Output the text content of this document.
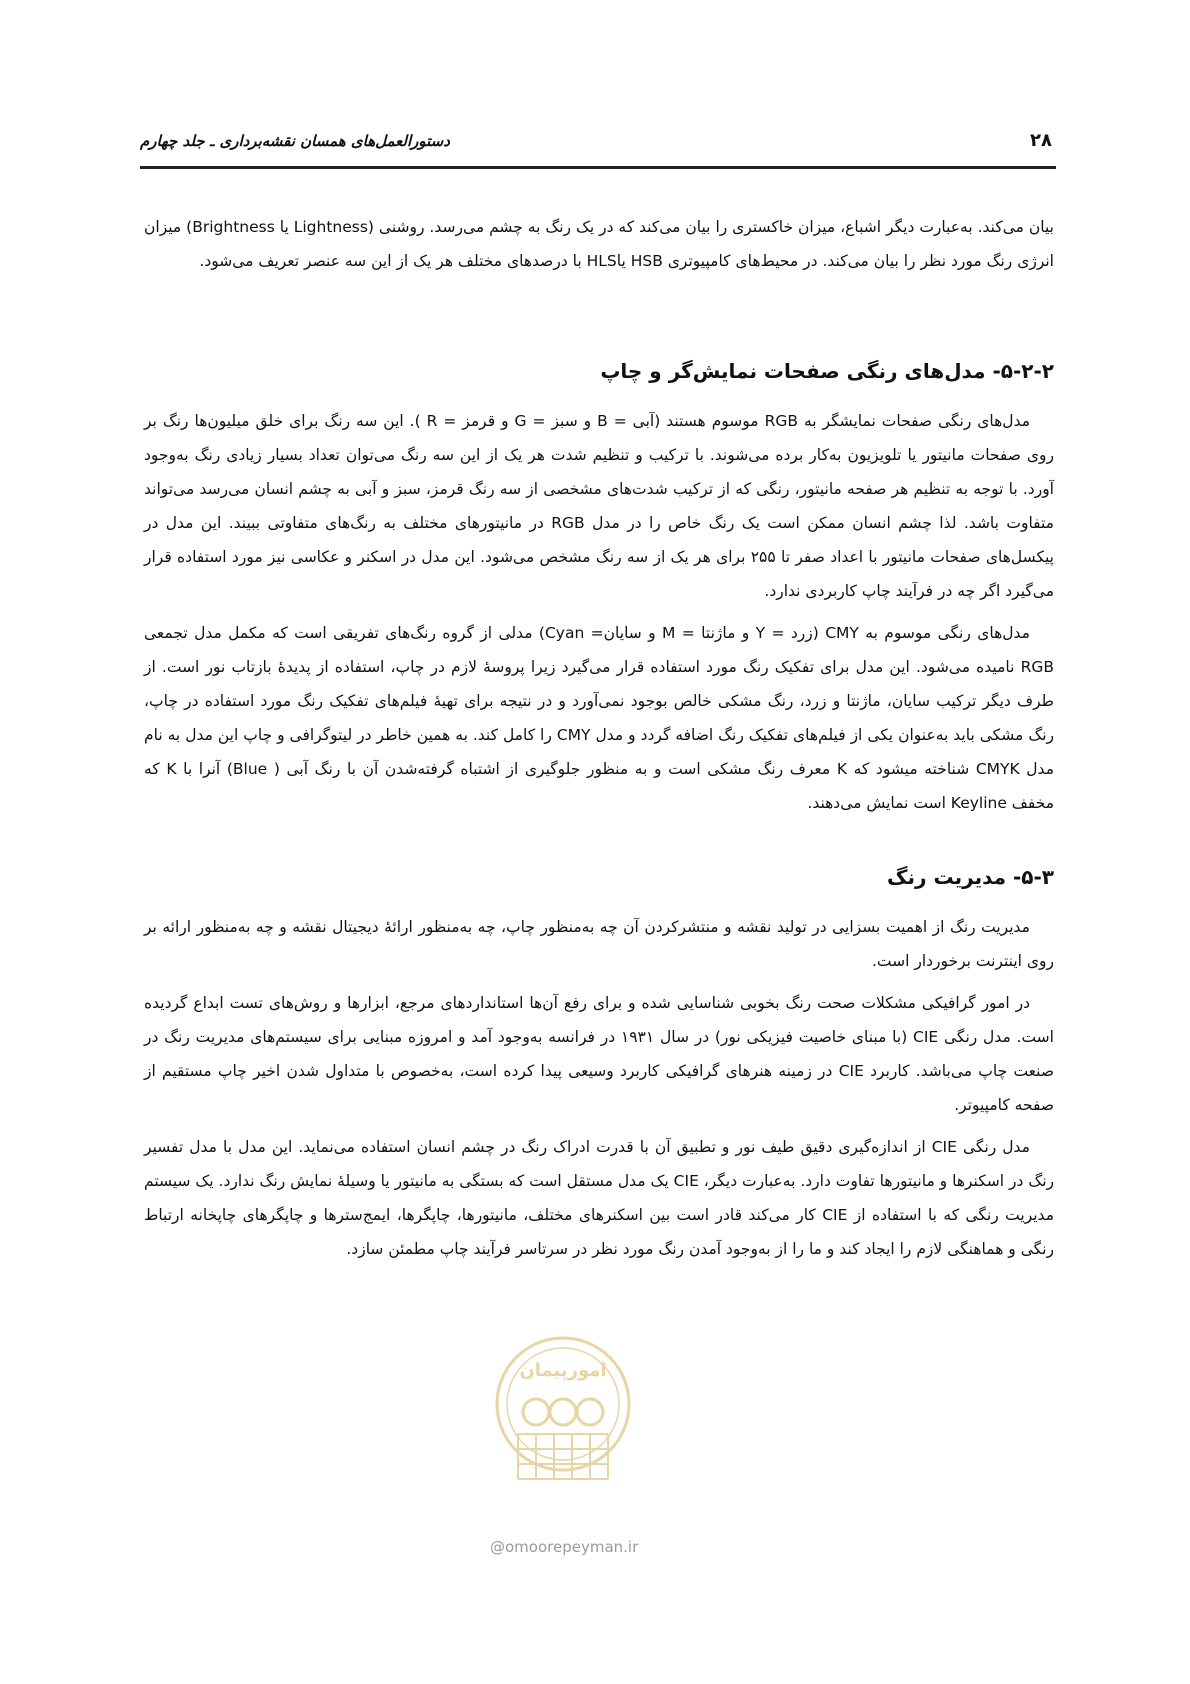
دستورالعمل‌های همسان نقشه‌برداری ـ جلد چهارم	۲۸

بیان می‌کند. به‌عبارت دیگر اشباع، میزان خاکستری را بیان می‌کند که در یک رنگ به چشم می‌رسد. روشنی (Lightness یا Brightness) میزان انرژی رنگ مورد نظر را بیان می‌کند. در محیط‌های کامپیوتری HSB یاHLS با درصدهای مختلف هر یک از این سه عنصر تعریف می‌شود.

۵-۲-۲- مدل‌های رنگی صفحات نمایش‌گر و چاپ

مدل‌های رنگی صفحات نمایشگر به RGB موسوم هستند (آبی = B و سبز = G و قرمز = R ). این سه رنگ برای خلق میلیون‌ها رنگ بر روی صفحات مانیتور یا تلویزیون به‌کار برده می‌شوند. با ترکیب و تنظیم شدت هر یک از این سه رنگ می‌توان تعداد بسیار زیادی رنگ به‌وجود آورد. با توجه به تنظیم هر صفحه مانیتور، رنگی که از ترکیب شدت‌های مشخصی از سه رنگ قرمز، سبز و آبی به چشم انسان می‌رسد می‌تواند متفاوت باشد. لذا چشم انسان ممکن است یک رنگ خاص را در مدل RGB در مانیتورهای مختلف به رنگ‌های متفاوتی ببیند. این مدل در پیکسل‌های صفحات مانیتور با اعداد صفر تا ۲۵۵ برای هر یک از سه رنگ مشخص می‌شود. این مدل در اسکنر و عکاسی نیز مورد استفاده قرار می‌گیرد اگر چه در فرآیند چاپ کاربردی ندارد.

مدل‌های رنگی موسوم به CMY (زرد = Y و ماژنتا = M و سایان= Cyan) مدلی از گروه رنگ‌های تفریقی است که مکمل مدل تجمعی RGB نامیده می‌شود. این مدل برای تفکیک رنگ مورد استفاده قرار می‌گیرد زیرا پروسهٔ لازم در چاپ، استفاده از پدیدهٔ بازتاب نور است. از طرف دیگر ترکیب سایان، ماژنتا و زرد، رنگ مشکی خالص بوجود نمی‌آورد و در نتیجه برای تهیهٔ فیلم‌های تفکیک رنگ مورد استفاده در چاپ، رنگ مشکی باید به‌عنوان یکی از فیلم‌های تفکیک رنگ اضافه گردد و مدل CMY را کامل کند. به همین خاطر در لیتوگرافی و چاپ این مدل به نام مدل CMYK شناخته میشود که K معرف رنگ مشکی است و به منظور جلوگیری از اشتباه گرفته‌شدن آن با رنگ آبی ( Blue) آنرا با K که مخفف Keyline است نمایش می‌دهند.

۵-۳- مدیریت رنگ

مدیریت رنگ از اهمیت بسزایی در تولید نقشه و منتشرکردن آن چه به‌منظور چاپ، چه به‌منظور ارائهٔ دیجیتال نقشه و چه به‌منظور ارائه بر روی اینترنت برخوردار است.

در امور گرافیکی مشکلات صحت رنگ بخوبی شناسایی شده و برای رفع آن‌ها استانداردهای مرجع، ابزارها و روش‌های تست ابداع گردیده است. مدل رنگی CIE (با مبنای خاصیت فیزیکی نور) در سال ۱۹۳۱ در فرانسه به‌وجود آمد و امروزه مبنایی برای سیستم‌های مدیریت رنگ در صنعت چاپ می‌باشد. کاربرد CIE در زمینه هنرهای گرافیکی کاربرد وسیعی پیدا کرده است، به‌خصوص با متداول شدن اخیر چاپ مستقیم از صفحه کامپیوتر.

مدل رنگی CIE از اندازه‌گیری دقیق طیف نور و تطبیق آن با قدرت ادراک رنگ در چشم انسان استفاده می‌نماید. این مدل با مدل تفسیر رنگ در اسکنرها و مانیتورها تفاوت دارد. به‌عبارت دیگر، CIE یک مدل مستقل است که بستگی به مانیتور یا وسیلهٔ نمایش رنگ ندارد. یک سیستم مدیریت رنگی که با استفاده از CIE کار می‌کند قادر است بین اسکنرهای مختلف، مانیتورها، چاپگرها، ایمج‌سترها و چاپگرهای چاپخانه ارتباط رنگی و هماهنگی لازم را ایجاد کند و ما را از به‌وجود آمدن رنگ مورد نظر در سرتاسر فرآیند چاپ مطمئن سازد.

امورپیمان
@omoorepeyman.ir
